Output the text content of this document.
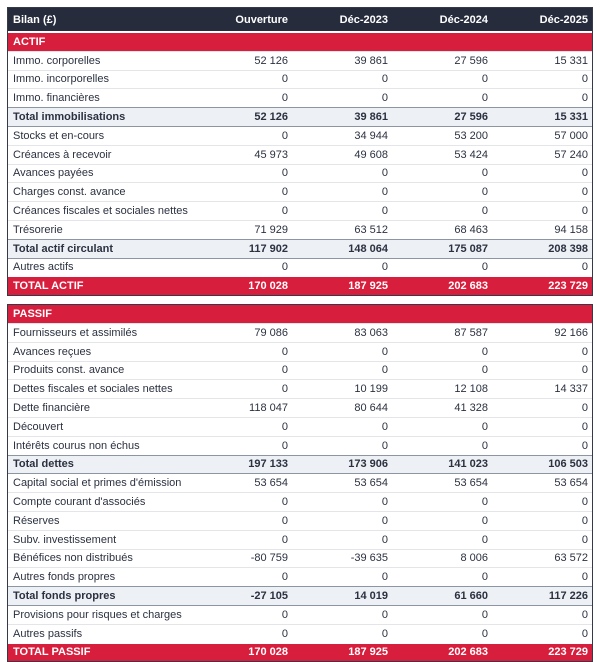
Bilan (£)	Ouverture	Déc-2023	Déc-2024	Déc-2025
ACTIF
Immo. corporelles	52 126	39 861	27 596	15 331
Immo. incorporelles	0	0	0	0
Immo. financières	0	0	0	0
Total immobilisations	52 126	39 861	27 596	15 331
Stocks et en-cours	0	34 944	53 200	57 000
Créances à recevoir	45 973	49 608	53 424	57 240
Avances payées	0	0	0	0
Charges const. avance	0	0	0	0
Créances fiscales et sociales nettes	0	0	0	0
Trésorerie	71 929	63 512	68 463	94 158
Total actif circulant	117 902	148 064	175 087	208 398
Autres actifs	0	0	0	0
TOTAL ACTIF	170 028	187 925	202 683	223 729
PASSIF
Fournisseurs et assimilés	79 086	83 063	87 587	92 166
Avances reçues	0	0	0	0
Produits const. avance	0	0	0	0
Dettes fiscales et sociales nettes	0	10 199	12 108	14 337
Dette financière	118 047	80 644	41 328	0
Découvert	0	0	0	0
Intérêts courus non échus	0	0	0	0
Total dettes	197 133	173 906	141 023	106 503
Capital social et primes d'émission	53 654	53 654	53 654	53 654
Compte courant d'associés	0	0	0	0
Réserves	0	0	0	0
Subv. investissement	0	0	0	0
Bénéfices non distribués	-80 759	-39 635	8 006	63 572
Autres fonds propres	0	0	0	0
Total fonds propres	-27 105	14 019	61 660	117 226
Provisions pour risques et charges	0	0	0	0
Autres passifs	0	0	0	0
TOTAL PASSIF	170 028	187 925	202 683	223 729
